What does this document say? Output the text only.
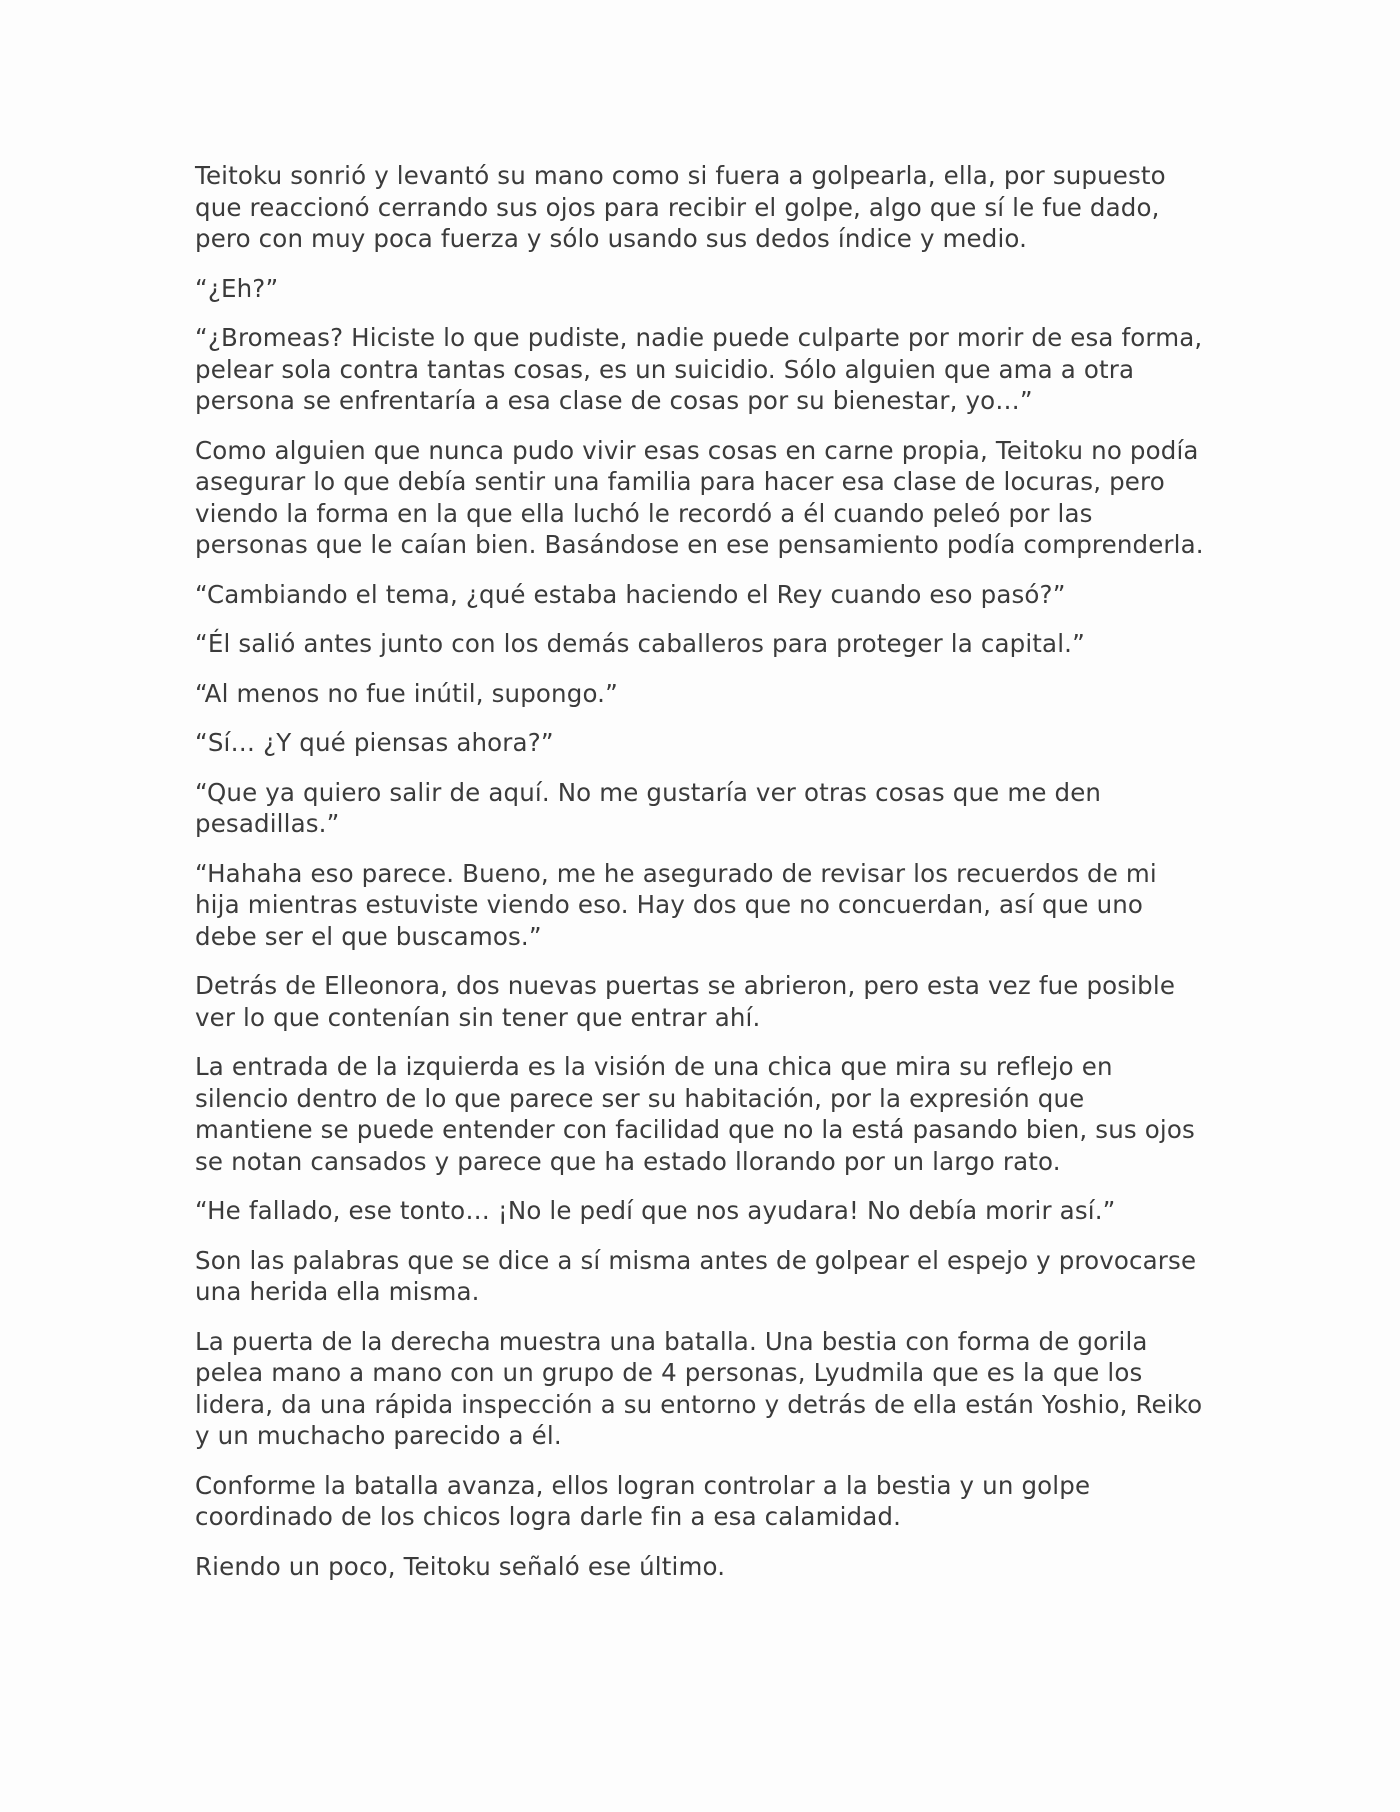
Teitoku sonrió y levantó su mano como si fuera a golpearla, ella, por supuesto que reaccionó cerrando sus ojos para recibir el golpe, algo que sí le fue dado, pero con muy poca fuerza y sólo usando sus dedos índice y medio.

“¿Eh?”

“¿Bromeas? Hiciste lo que pudiste, nadie puede culparte por morir de esa forma, pelear sola contra tantas cosas, es un suicidio. Sólo alguien que ama a otra persona se enfrentaría a esa clase de cosas por su bienestar, yo…”

Como alguien que nunca pudo vivir esas cosas en carne propia, Teitoku no podía asegurar lo que debía sentir una familia para hacer esa clase de locuras, pero viendo la forma en la que ella luchó le recordó a él cuando peleó por las personas que le caían bien. Basándose en ese pensamiento podía comprenderla.

“Cambiando el tema, ¿qué estaba haciendo el Rey cuando eso pasó?”

“Él salió antes junto con los demás caballeros para proteger la capital.”

“Al menos no fue inútil, supongo.”

“Sí… ¿Y qué piensas ahora?”

“Que ya quiero salir de aquí. No me gustaría ver otras cosas que me den pesadillas.”

“Hahaha eso parece. Bueno, me he asegurado de revisar los recuerdos de mi hija mientras estuviste viendo eso. Hay dos que no concuerdan, así que uno debe ser el que buscamos.”

Detrás de Elleonora, dos nuevas puertas se abrieron, pero esta vez fue posible ver lo que contenían sin tener que entrar ahí.

La entrada de la izquierda es la visión de una chica que mira su reflejo en silencio dentro de lo que parece ser su habitación, por la expresión que mantiene se puede entender con facilidad que no la está pasando bien, sus ojos se notan cansados y parece que ha estado llorando por un largo rato.

“He fallado, ese tonto… ¡No le pedí que nos ayudara! No debía morir así.”

Son las palabras que se dice a sí misma antes de golpear el espejo y provocarse una herida ella misma.

La puerta de la derecha muestra una batalla. Una bestia con forma de gorila pelea mano a mano con un grupo de 4 personas, Lyudmila que es la que los lidera, da una rápida inspección a su entorno y detrás de ella están Yoshio, Reiko y un muchacho parecido a él.

Conforme la batalla avanza, ellos logran controlar a la bestia y un golpe coordinado de los chicos logra darle fin a esa calamidad.

Riendo un poco, Teitoku señaló ese último.
